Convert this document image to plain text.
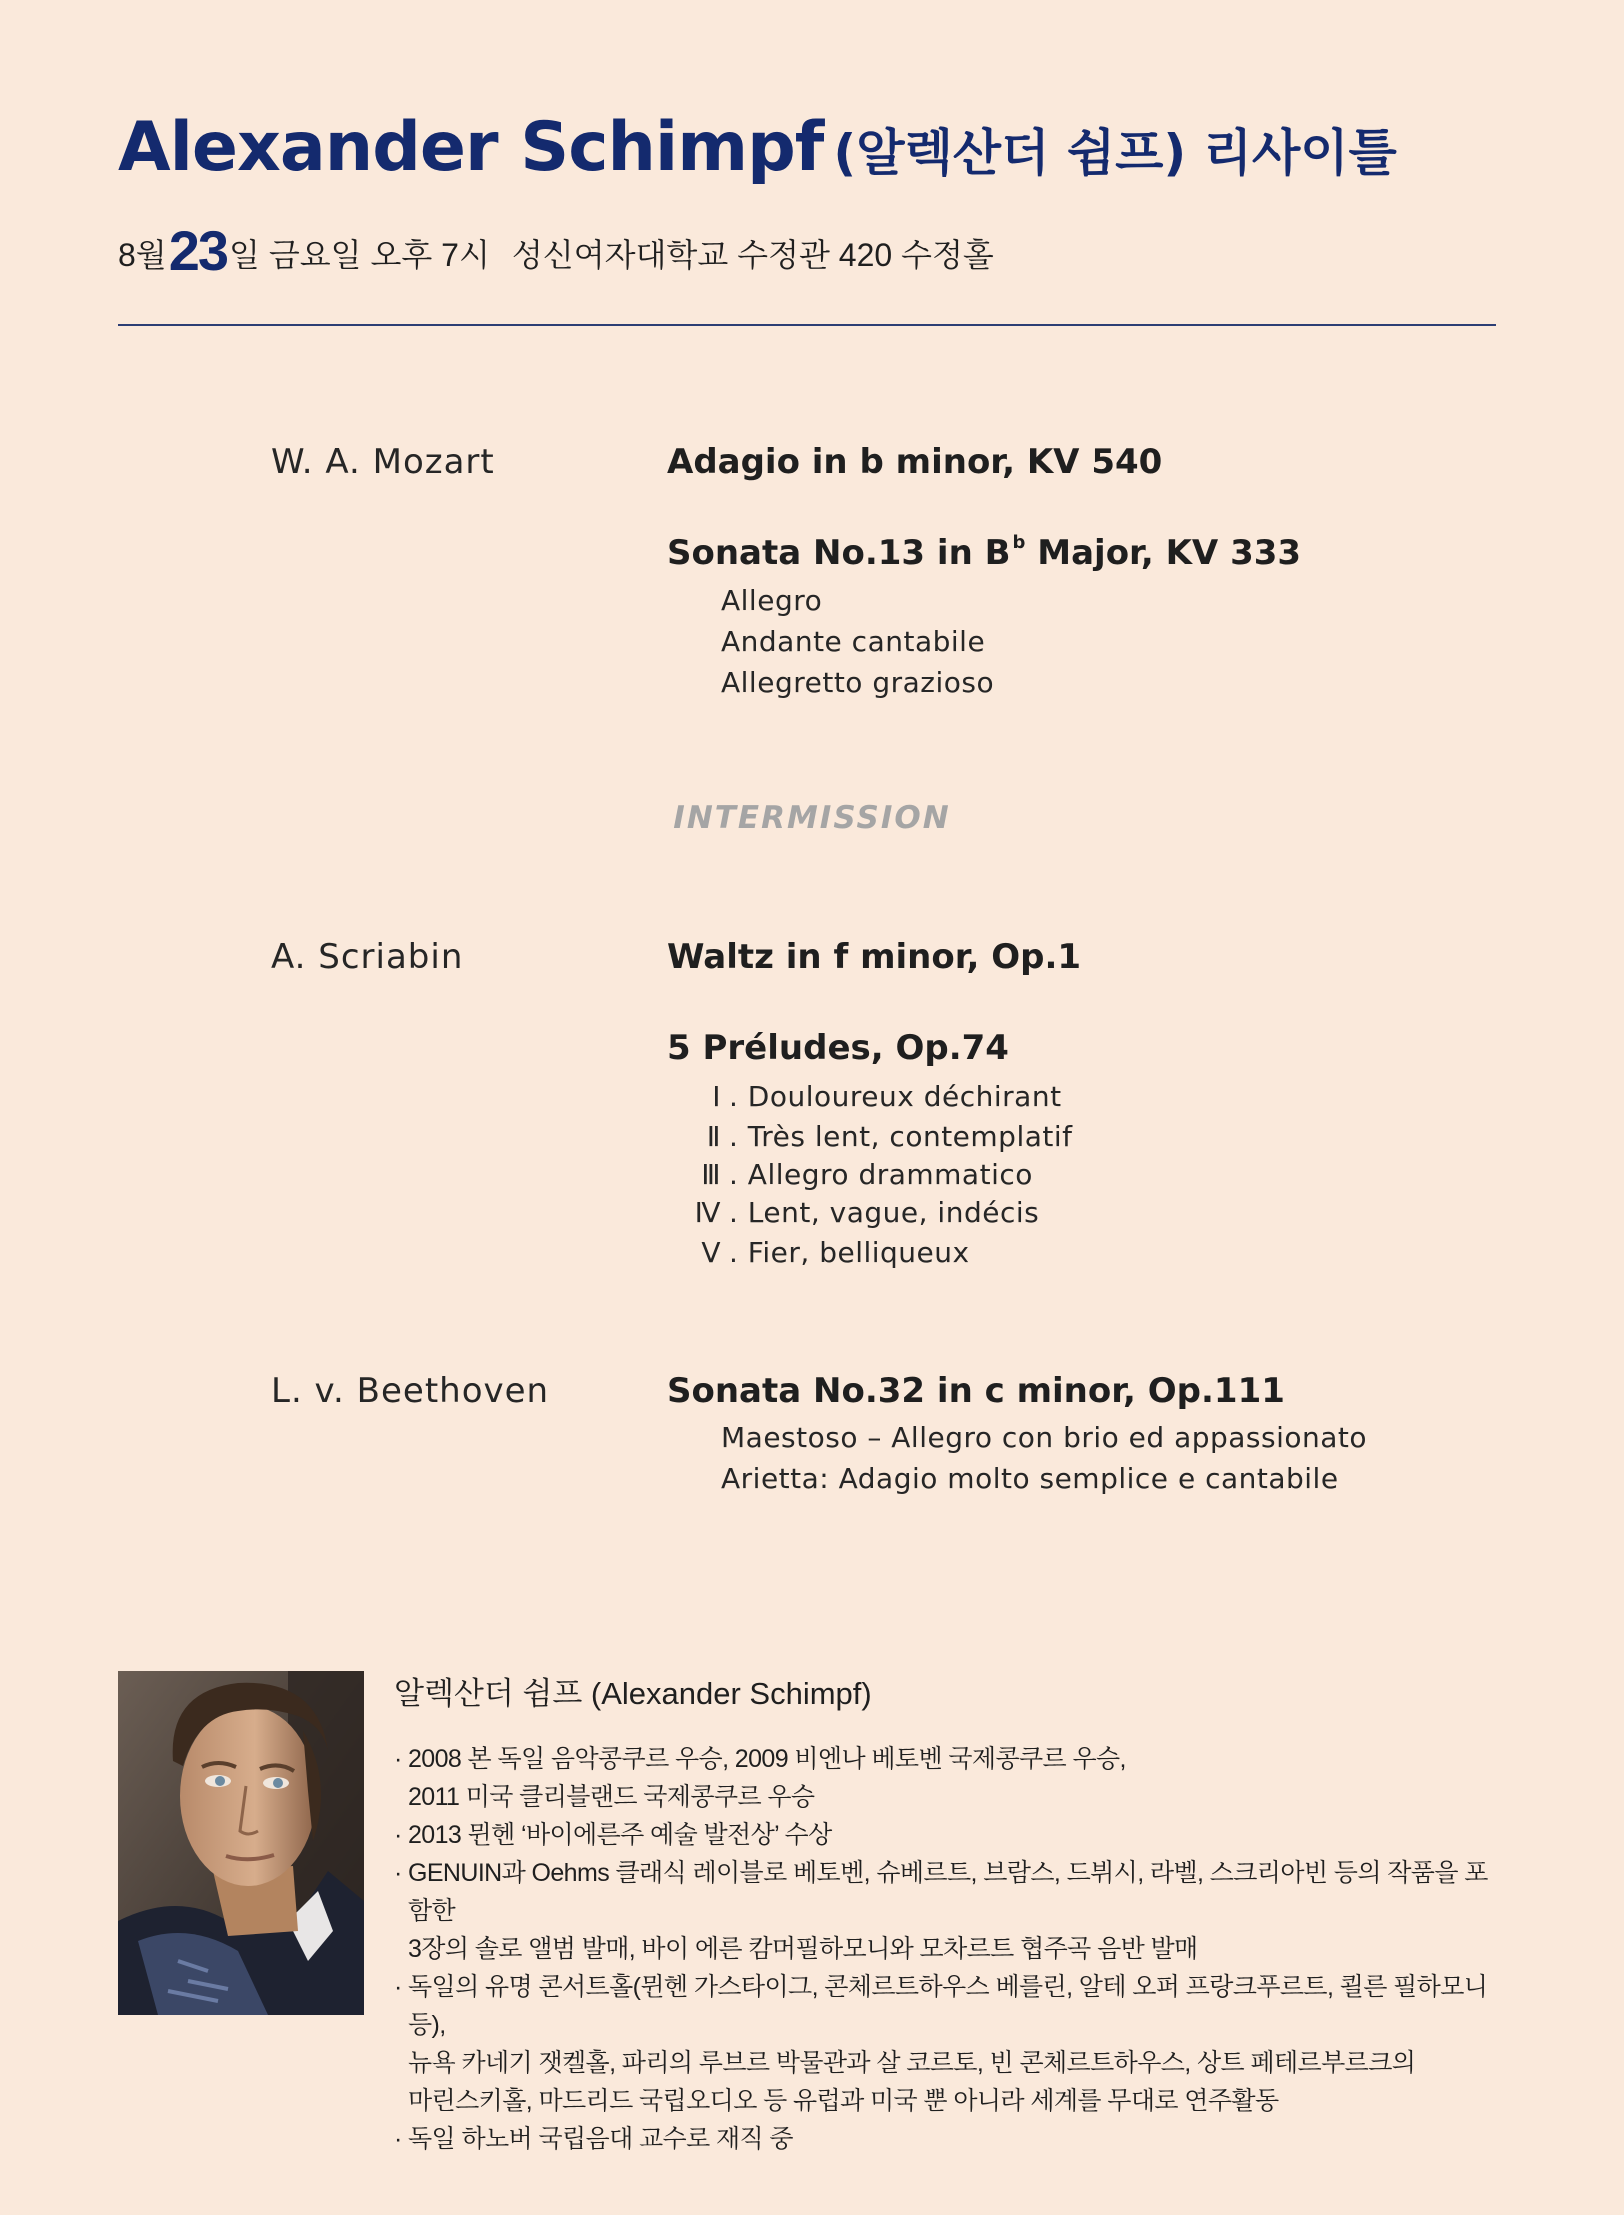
Alexander Schimpf (알렉산더 쉼프) 리사이틀
8월23일 금요일 오후 7시 성신여자대학교 수정관 420 수정홀
W. A. Mozart	Adagio in b minor, KV 540
Sonata No.13 in B $^b$ Major, KV 333
Allegro
Andante cantabile
Allegretto grazioso
INTERMISSION
A. Scriabin	Waltz in f minor, Op.1
5 Préludes, Op.74
Ⅰ . Douloureux déchirant
Ⅱ . Très lent, contemplatif
Ⅲ . Allegro drammatico
Ⅳ . Lent, vague, indécis
Ⅴ . Fier, belliqueux
L. v. Beethoven	Sonata No.32 in c minor, Op.111
Maestoso – Allegro con brio ed appassionato
Arietta: Adagio molto semplice e cantabile
알렉산더 쉼프 (Alexander Schimpf)
· 2008 본 독일 음악콩쿠르 우승, 2009 비엔나 베토벤 국제콩쿠르 우승,
2011 미국 클리블랜드 국제콩쿠르 우승
· 2013 뮌헨 ‘바이에른주 예술 발전상’ 수상
· GENUIN과 Oehms 클래식 레이블로 베토벤, 슈베르트, 브람스, 드뷔시, 라벨, 스크리아빈 등의 작품을 포함한
3장의 솔로 앨범 발매, 바이 에른 캄머필하모니와 모차르트 협주곡 음반 발매
· 독일의 유명 콘서트홀(뮌헨 가스타이그, 콘체르트하우스 베를린, 알테 오퍼 프랑크푸르트, 쾰른 필하모니 등),
뉴욕 카네기 잿켈홀, 파리의 루브르 박물관과 살 코르토, 빈 콘체르트하우스, 상트 페테르부르크의
마린스키홀, 마드리드 국립오디오 등 유럽과 미국 뿐 아니라 세계를 무대로 연주활동
· 독일 하노버 국립음대 교수로 재직 중
